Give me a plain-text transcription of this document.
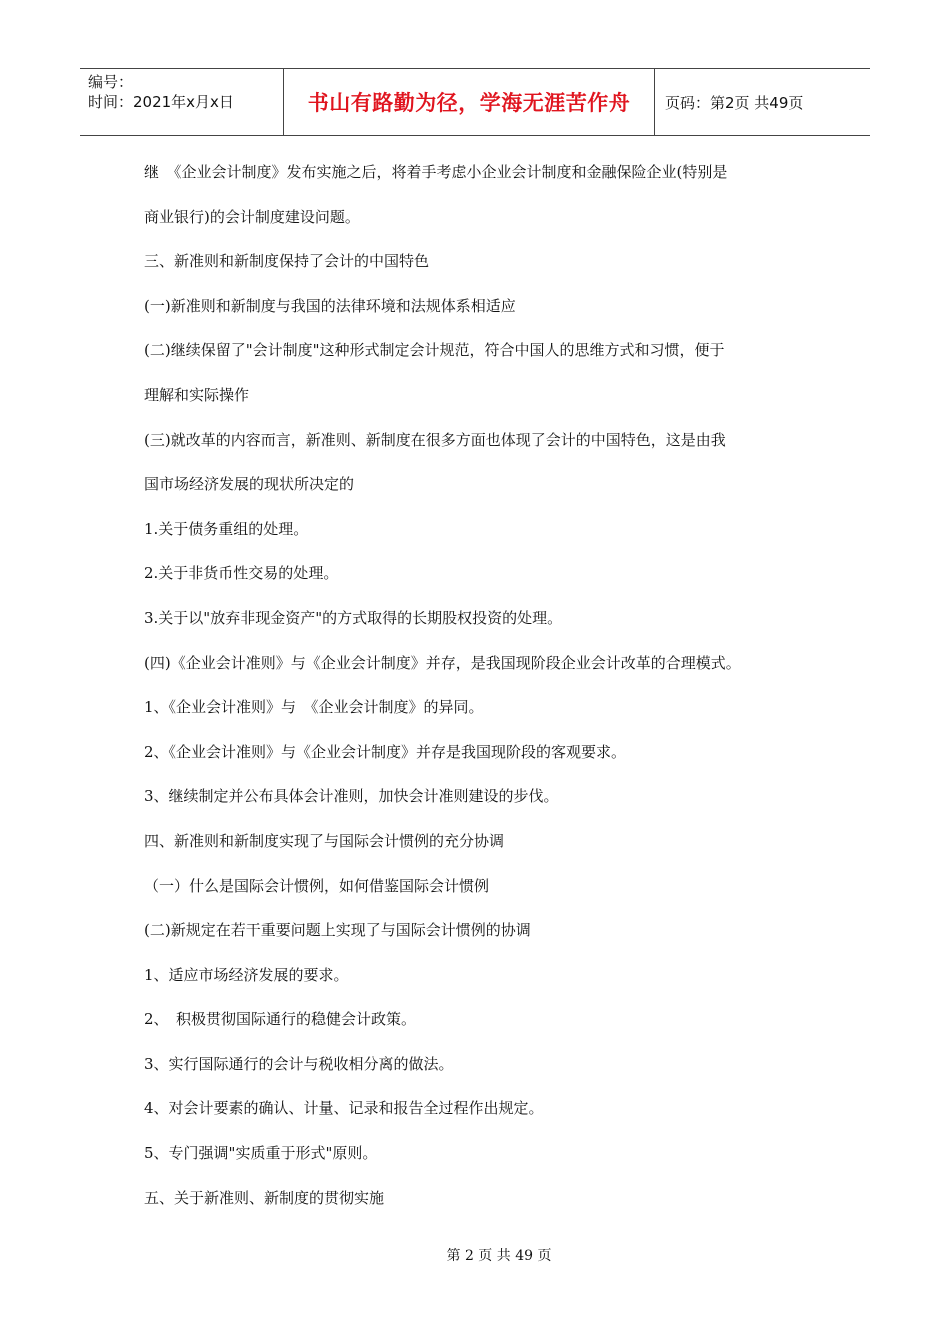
编号：
时间：2021年x月x日	书山有路勤为径，学海无涯苦作舟	页码：第2页 共49页
继　《企业会计制度》发布实施之后，将着手考虑小企业会计制度和金融保险企业(特别是
商业银行)的会计制度建设问题。
三、新准则和新制度保持了会计的中国特色
(一)新准则和新制度与我国的法律环境和法规体系相适应
(二)继续保留了"会计制度"这种形式制定会计规范，符合中国人的思维方式和习惯，便于
理解和实际操作
(三)就改革的内容而言，新准则、新制度在很多方面也体现了会计的中国特色，这是由我
国市场经济发展的现状所决定的
1.关于债务重组的处理。
2.关于非货币性交易的处理。
3.关于以"放弃非现金资产"的方式取得的长期股权投资的处理。
(四)《企业会计准则》与《企业会计制度》并存，是我国现阶段企业会计改革的合理模式。
1、《企业会计准则》与　《企业会计制度》的异同。
2、《企业会计准则》与《企业会计制度》并存是我国现阶段的客观要求。
3、继续制定并公布具体会计准则，加快会计准则建设的步伐。
四、新准则和新制度实现了与国际会计惯例的充分协调
（一）什么是国际会计惯例，如何借鉴国际会计惯例
(二)新规定在若干重要问题上实现了与国际会计惯例的协调
1、适应市场经济发展的要求。
2、　积极贯彻国际通行的稳健会计政策。
3、实行国际通行的会计与税收相分离的做法。
4、对会计要素的确认、计量、记录和报告全过程作出规定。
5、专门强调"实质重于形式"原则。
五、关于新准则、新制度的贯彻实施
第 2 页 共 49 页
